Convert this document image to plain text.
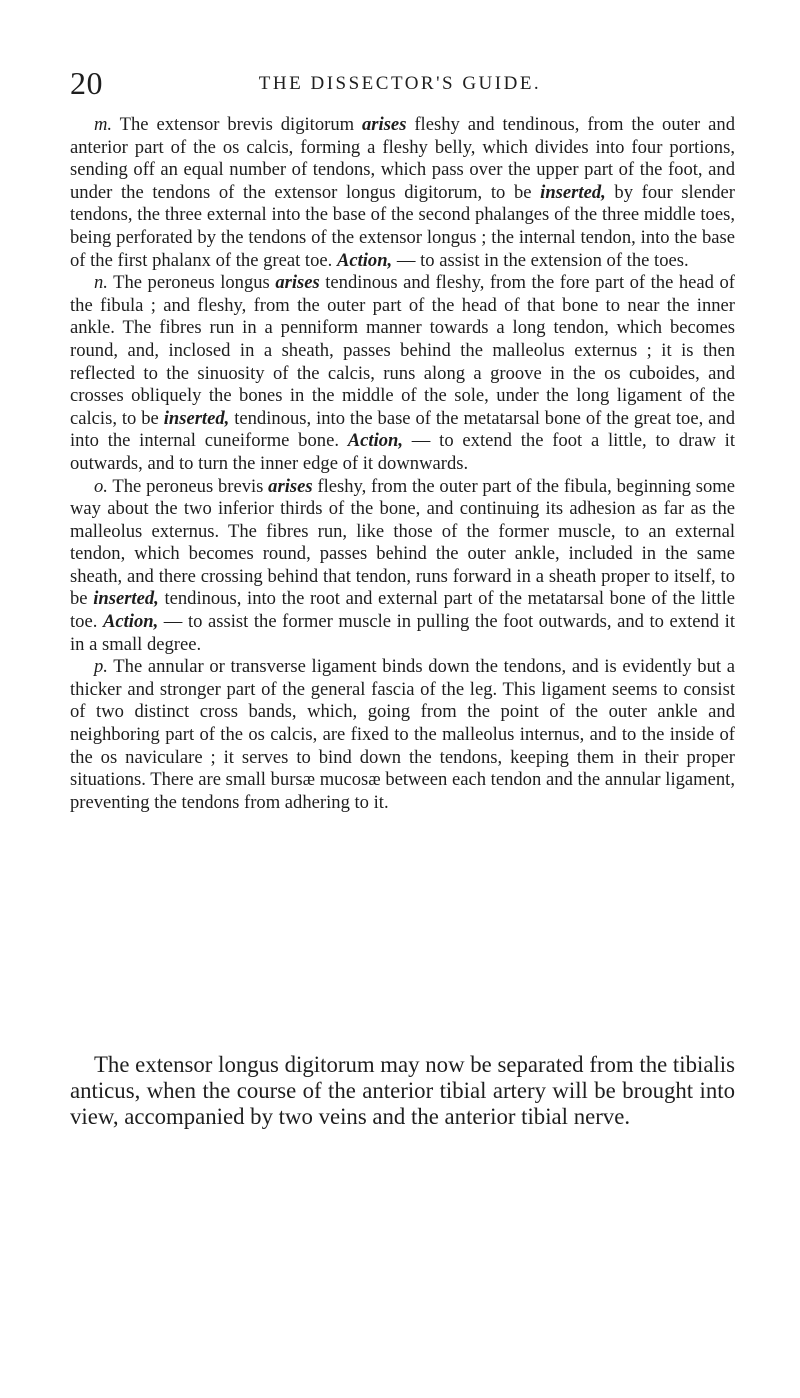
20	THE DISSECTOR'S GUIDE.

m. The extensor brevis digitorum arises fleshy and tendinous, from the outer and anterior part of the os calcis, forming a fleshy belly, which divides into four portions, sending off an equal number of tendons, which pass over the upper part of the foot, and under the tendons of the extensor longus digitorum, to be inserted, by four slender tendons, the three external into the base of the second phalanges of the three middle toes, being perforated by the tendons of the extensor longus ; the internal tendon, into the base of the first phalanx of the great toe. Action, — to assist in the extension of the toes.

n. The peroneus longus arises tendinous and fleshy, from the fore part of the head of the fibula ; and fleshy, from the outer part of the head of that bone to near the inner ankle. The fibres run in a penniform manner towards a long tendon, which becomes round, and, inclosed in a sheath, passes behind the malleolus externus ; it is then reflected to the sinuosity of the calcis, runs along a groove in the os cuboides, and crosses obliquely the bones in the middle of the sole, under the long ligament of the calcis, to be inserted, tendinous, into the base of the metatarsal bone of the great toe, and into the internal cuneiforme bone. Action, — to extend the foot a little, to draw it outwards, and to turn the inner edge of it downwards.

o. The peroneus brevis arises fleshy, from the outer part of the fibula, beginning some way about the two inferior thirds of the bone, and continuing its adhesion as far as the malleolus externus. The fibres run, like those of the former muscle, to an external tendon, which becomes round, passes behind the outer ankle, included in the same sheath, and there crossing behind that tendon, runs forward in a sheath proper to itself, to be inserted, tendinous, into the root and external part of the metatarsal bone of the little toe. Action, — to assist the former muscle in pulling the foot outwards, and to extend it in a small degree.

p. The annular or transverse ligament binds down the tendons, and is evidently but a thicker and stronger part of the general fascia of the leg. This ligament seems to consist of two distinct cross bands, which, going from the point of the outer ankle and neighboring part of the os calcis, are fixed to the malleolus internus, and to the inside of the os naviculare ; it serves to bind down the tendons, keeping them in their proper situations. There are small bursæ mucosæ between each tendon and the annular ligament, preventing the tendons from adhering to it.

The extensor longus digitorum may now be separated from the tibialis anticus, when the course of the anterior tibial artery will be brought into view, accompanied by two veins and the anterior tibial nerve.
